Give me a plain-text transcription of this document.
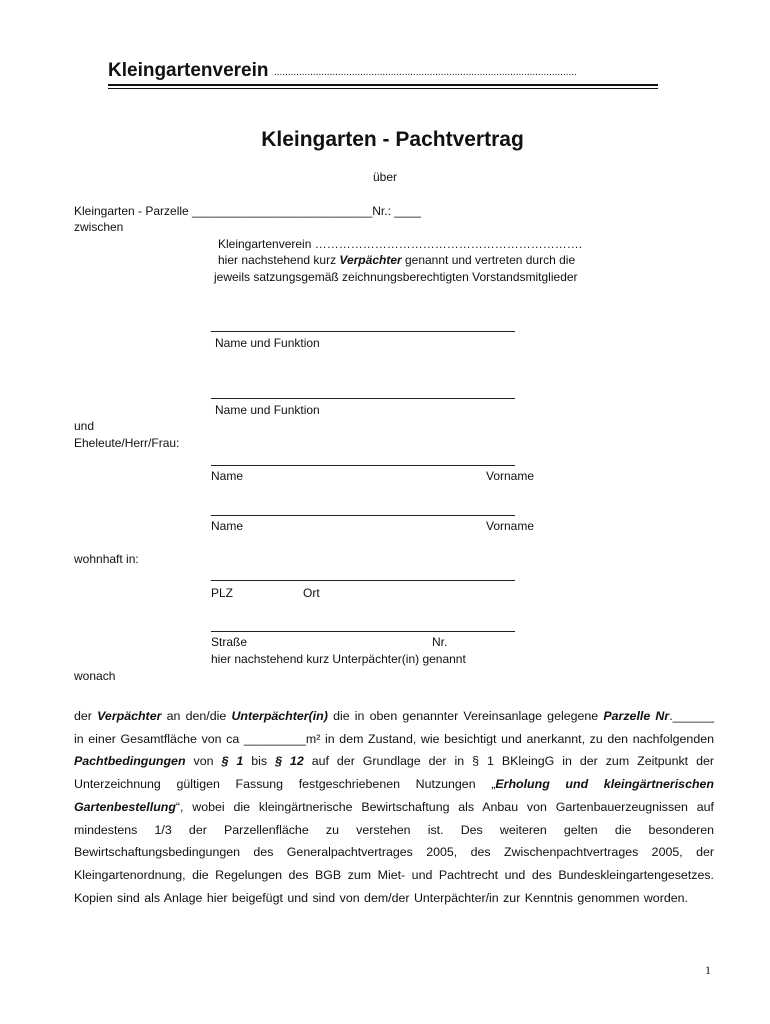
Kleingartenverein .............................................................................................................
Kleingarten - Pachtvertrag
über
Kleingarten - Parzelle ___________________________Nr.: ____
zwischen
Kleingartenverein ………………………………………………………….
hier nachstehend kurz Verpächter genannt und vertreten durch die
jeweils satzungsgemäß zeichnungsberechtigten Vorstandsmitglieder
Name und Funktion
Name und Funktion
und
Eheleute/Herr/Frau:
Name	Vorname
Name	Vorname
wohnhaft in:
PLZ	Ort
Straße	Nr.
hier nachstehend kurz Unterpächter(in) genannt
wonach
der Verpächter an den/die Unterpächter(in) die in oben genannter Vereinsanlage gelegene Parzelle Nr.______ in einer Gesamtfläche von ca _________m² in dem Zustand, wie besichtigt und anerkannt, zu den nachfolgenden Pachtbedingungen von § 1 bis § 12 auf der Grundlage der in § 1 BKleingG in der zum Zeitpunkt der Unterzeichnung gültigen Fassung festgeschriebenen Nutzungen „Erholung und kleingärtnerischen Gartenbestellung“, wobei die kleingärtnerische Bewirtschaftung als Anbau von Gartenbauerzeugnissen auf mindestens 1/3 der Parzellenfläche zu verstehen ist. Des weiteren gelten die besonderen Bewirtschaftungsbedingungen des Generalpachtvertrages 2005, des Zwischenpachtvertrages 2005, der Kleingartenordnung, die Regelungen des BGB zum Miet- und Pachtrecht und des Bundeskleingartengesetzes. Kopien sind als Anlage hier beigefügt und sind von dem/der Unterpächter/in zur Kenntnis genommen worden.
1
